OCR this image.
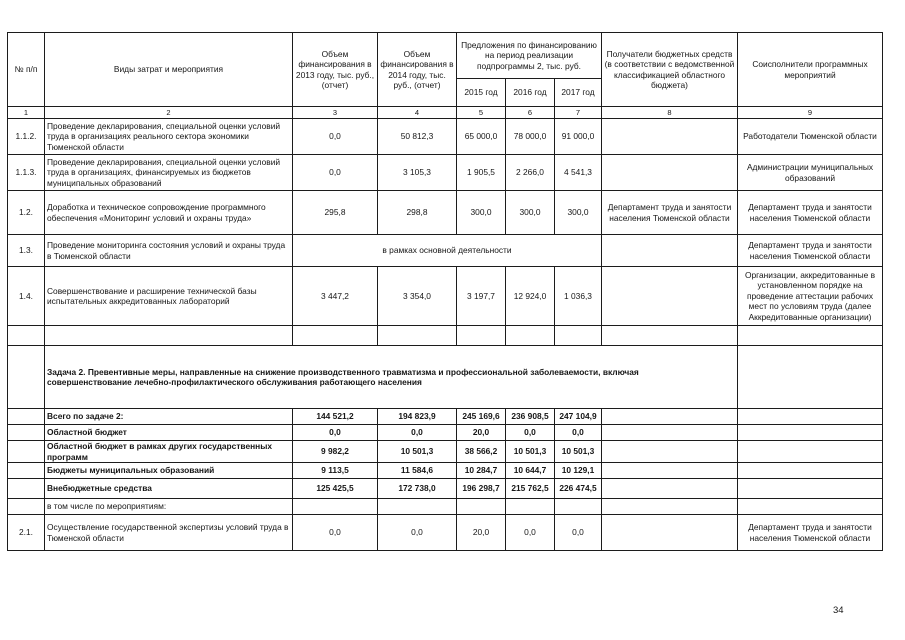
№ п/п	Виды затрат и мероприятия	Объем финансирования в 2013 году, тыс. руб., (отчет)	Объем финансирования в 2014 году, тыс. руб., (отчет)	Предложения по финансированию на период реализации подпрограммы 2, тыс. руб.			Получатели бюджетных средств (в соответствии с ведомственной классификацией областного бюджета)	Соисполнители программных мероприятий
				2015 год	2016 год	2017 год		
1	2	3	4	5	6	7	8	9
1.1.2.	Проведение декларирования, специальной оценки условий труда в организациях реального сектора экономики Тюменской области	0,0	50 812,3	65 000,0	78 000,0	91 000,0		Работодатели Тюменской области
1.1.3.	Проведение декларирования, специальной оценки условий труда в организациях, финансируемых из бюджетов муниципальных образований	0,0	3 105,3	1 905,5	2 266,0	4 541,3		Администрации муниципальных образований
1.2.	Доработка и техническое сопровождение программного обеспечения «Мониторинг условий и охраны труда»	295,8	298,8	300,0	300,0	300,0	Департамент труда и занятости населения Тюменской области	Департамент труда и занятости населения Тюменской области
1.3.	Проведение мониторинга состояния условий и охраны труда в Тюменской области	в рамках основной деятельности						Департамент труда и занятости населения Тюменской области
1.4.	Совершенствование и расширение технической базы испытательных аккредитованных лабораторий	3 447,2	3 354,0	3 197,7	12 924,0	1 036,3		Организации, аккредитованные в установленном порядке на проведение аттестации рабочих мест по условиям труда (далее Аккредитованные организации)

	Задача 2. Превентивные меры, направленные на снижение производственного травматизма и профессиональной заболеваемости, включая совершенствование лечебно-профилактического обслуживания работающего населения							

	Всего по задаче 2:	144 521,2	194 823,9	245 169,6	236 908,5	247 104,9		
	Областной бюджет	0,0	0,0	20,0	0,0	0,0		
	Областной бюджет в рамках других государственных программ	9 982,2	10 501,3	38 566,2	10 501,3	10 501,3		
	Бюджеты муниципальных образований	9 113,5	11 584,6	10 284,7	10 644,7	10 129,1		
	Внебюджетные средства	125 425,5	172 738,0	196 298,7	215 762,5	226 474,5		
	в том числе по мероприятиям:							
2.1.	Осуществление государственной экспертизы условий труда в Тюменской области	0,0	0,0	20,0	0,0	0,0		Департамент труда и занятости населения Тюменской области
34
